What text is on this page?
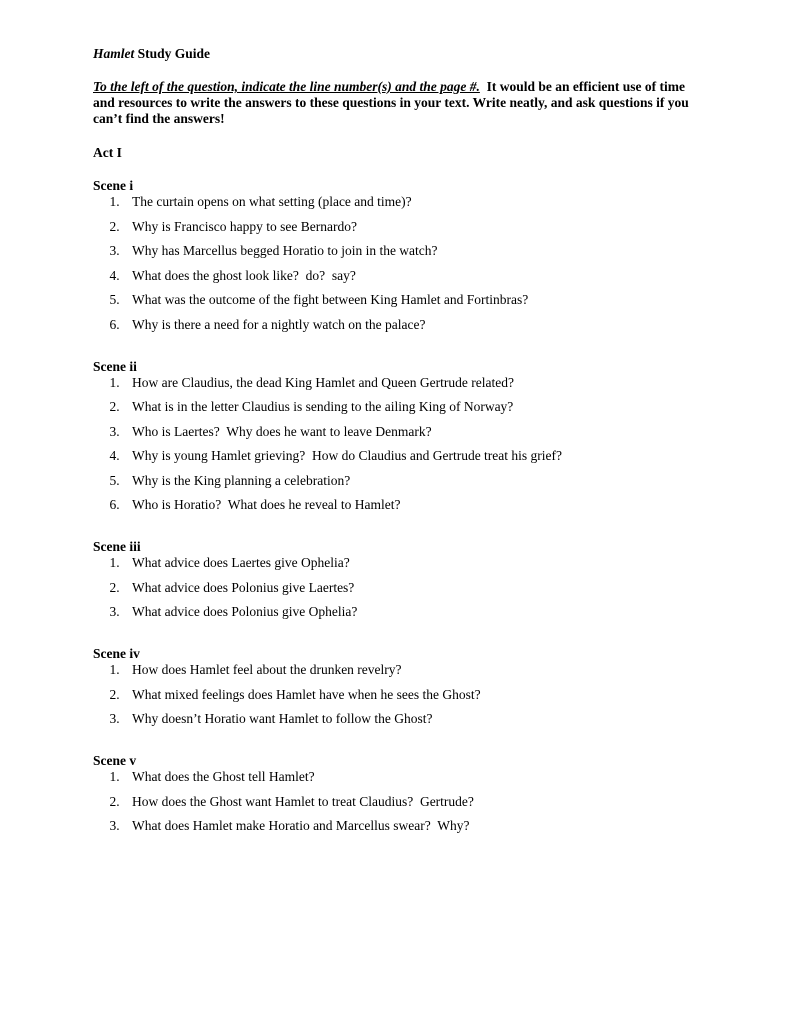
Hamlet Study Guide

To the left of the question, indicate the line number(s) and the page #.  It would be an efficient use of time and resources to write the answers to these questions in your text. Write neatly, and ask questions if you can’t find the answers!

Act I
Scene i
1. The curtain opens on what setting (place and time)?
2. Why is Francisco happy to see Bernardo?
3. Why has Marcellus begged Horatio to join in the watch?
4. What does the ghost look like?  do?  say?
5. What was the outcome of the fight between King Hamlet and Fortinbras?
6. Why is there a need for a nightly watch on the palace?
Scene ii
1. How are Claudius, the dead King Hamlet and Queen Gertrude related?
2. What is in the letter Claudius is sending to the ailing King of Norway?
3. Who is Laertes?  Why does he want to leave Denmark?
4. Why is young Hamlet grieving?  How do Claudius and Gertrude treat his grief?
5. Why is the King planning a celebration?
6. Who is Horatio?  What does he reveal to Hamlet?
Scene iii
1. What advice does Laertes give Ophelia?
2. What advice does Polonius give Laertes?
3. What advice does Polonius give Ophelia?
Scene iv
1. How does Hamlet feel about the drunken revelry?
2. What mixed feelings does Hamlet have when he sees the Ghost?
3. Why doesn’t Horatio want Hamlet to follow the Ghost?
Scene v
1. What does the Ghost tell Hamlet?
2. How does the Ghost want Hamlet to treat Claudius?  Gertrude?
3. What does Hamlet make Horatio and Marcellus swear?  Why?
